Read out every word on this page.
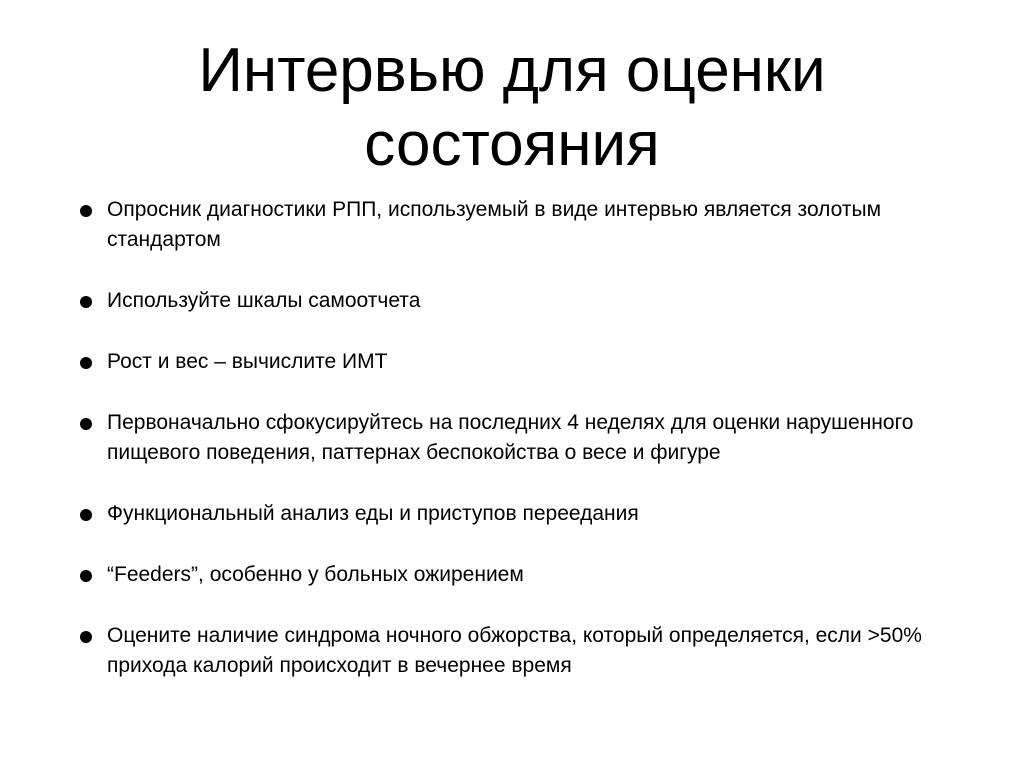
Интервью для оценки
состояния
Опросник диагностики РПП, используемый в виде интервью является золотым стандартом
Используйте шкалы самоотчета
Рост и вес – вычислите ИМТ
Первоначально сфокусируйтесь на последних 4 неделях для оценки нарушенного пищевого поведения, паттернах беспокойства о весе и фигуре
Функциональный анализ еды и приступов переедания
“Feeders”, особенно у больных ожирением
Оцените наличие синдрома ночного обжорства, который определяется, если >50% прихода калорий происходит в вечернее время
